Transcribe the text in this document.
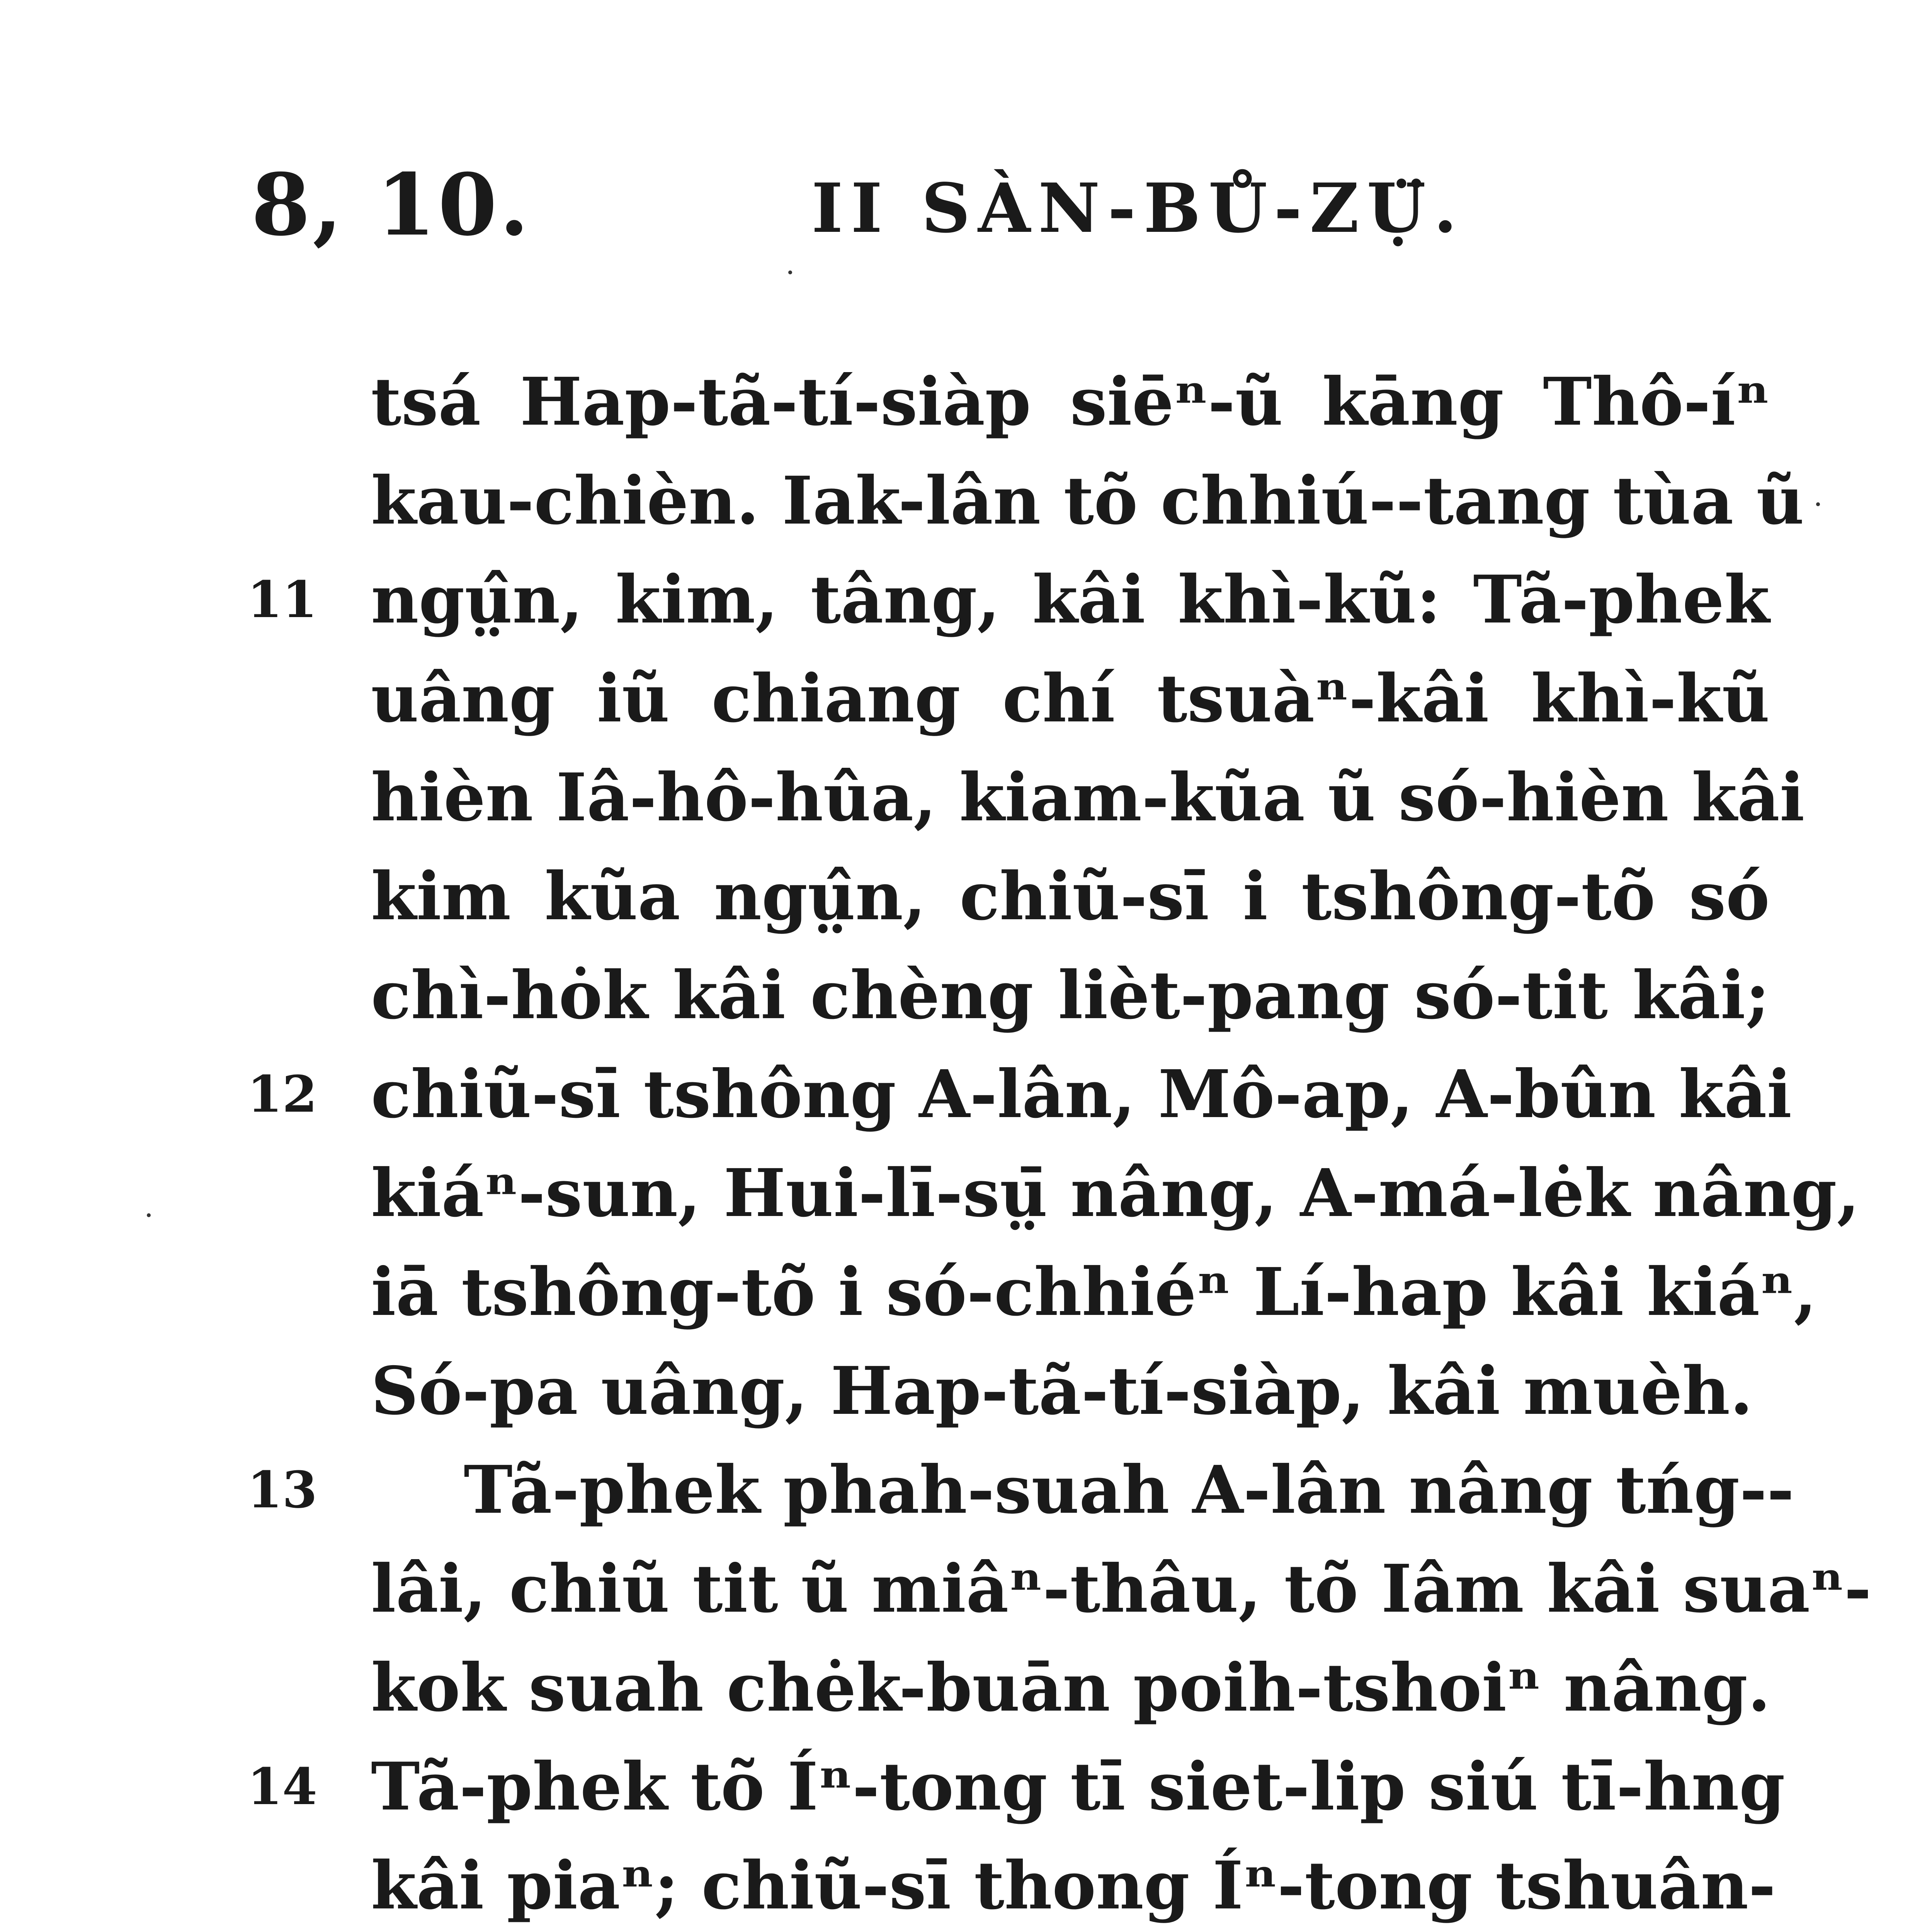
8, 10.	II SÀN-BŮ-ZỤ̈.
tsá Hap-tã-tí-siàp siēⁿ-ũ kāng Thô-íⁿ
kau-chièn. Iak-lân tõ chhiú--tang tùa ũ
11 ngṳ̂n, kim, tâng, kâi khì-kũ: Tã-phek
uâng iũ chiang chí tsuàⁿ-kâi khì-kũ
hièn Iâ-hô-hûa, kiam-kũa ũ só-hièn kâi
kim kũa ngṳ̂n, chiũ-sī i tshông-tõ só
chì-hȯk kâi chèng lièt-pang só-tit kâi;
12 chiũ-sī tshông A-lân, Mô-ap, A-bûn kâi
kiáⁿ-sun, Hui-lī-sṳ̄ nâng, A-má-lėk nâng,
iā tshông-tõ i só-chhiéⁿ Lí-hap kâi kiáⁿ,
Só-pa uâng, Hap-tã-tí-siàp, kâi muèh.
13	Tã-phek phah-suah A-lân nâng tńg--
lâi, chiũ tit ũ miâⁿ-thâu, tõ Iâm kâi suaⁿ-
kok suah chėk-buān poih-tshoiⁿ nâng.
14 Tã-phek tõ Íⁿ-tong tī siet-lip siú tī-hng
kâi piaⁿ; chiũ-sī thong Íⁿ-tong tshuân-
